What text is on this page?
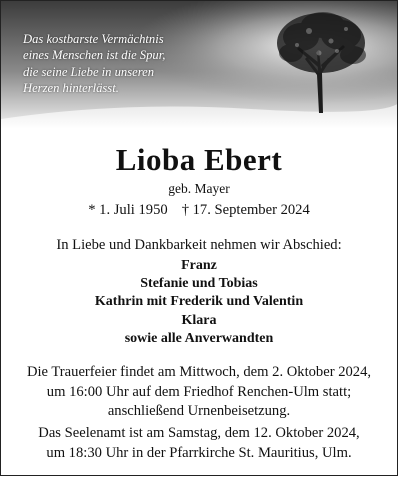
Das kostbarste Vermächtnis
eines Menschen ist die Spur,
die seine Liebe in unseren
Herzen hinterlässt.

Lioba Ebert
geb. Mayer
* 1. Juli 1950 † 17. September 2024
In Liebe und Dankbarkeit nehmen wir Abschied:
Franz
Stefanie und Tobias
Kathrin mit Frederik und Valentin
Klara
sowie alle Anverwandten
Die Trauerfeier findet am Mittwoch, dem 2. Oktober 2024,
um 16:00 Uhr auf dem Friedhof Renchen-Ulm statt;
anschließend Urnenbeisetzung.
Das Seelenamt ist am Samstag, dem 12. Oktober 2024,
um 18:30 Uhr in der Pfarrkirche St. Mauritius, Ulm.
